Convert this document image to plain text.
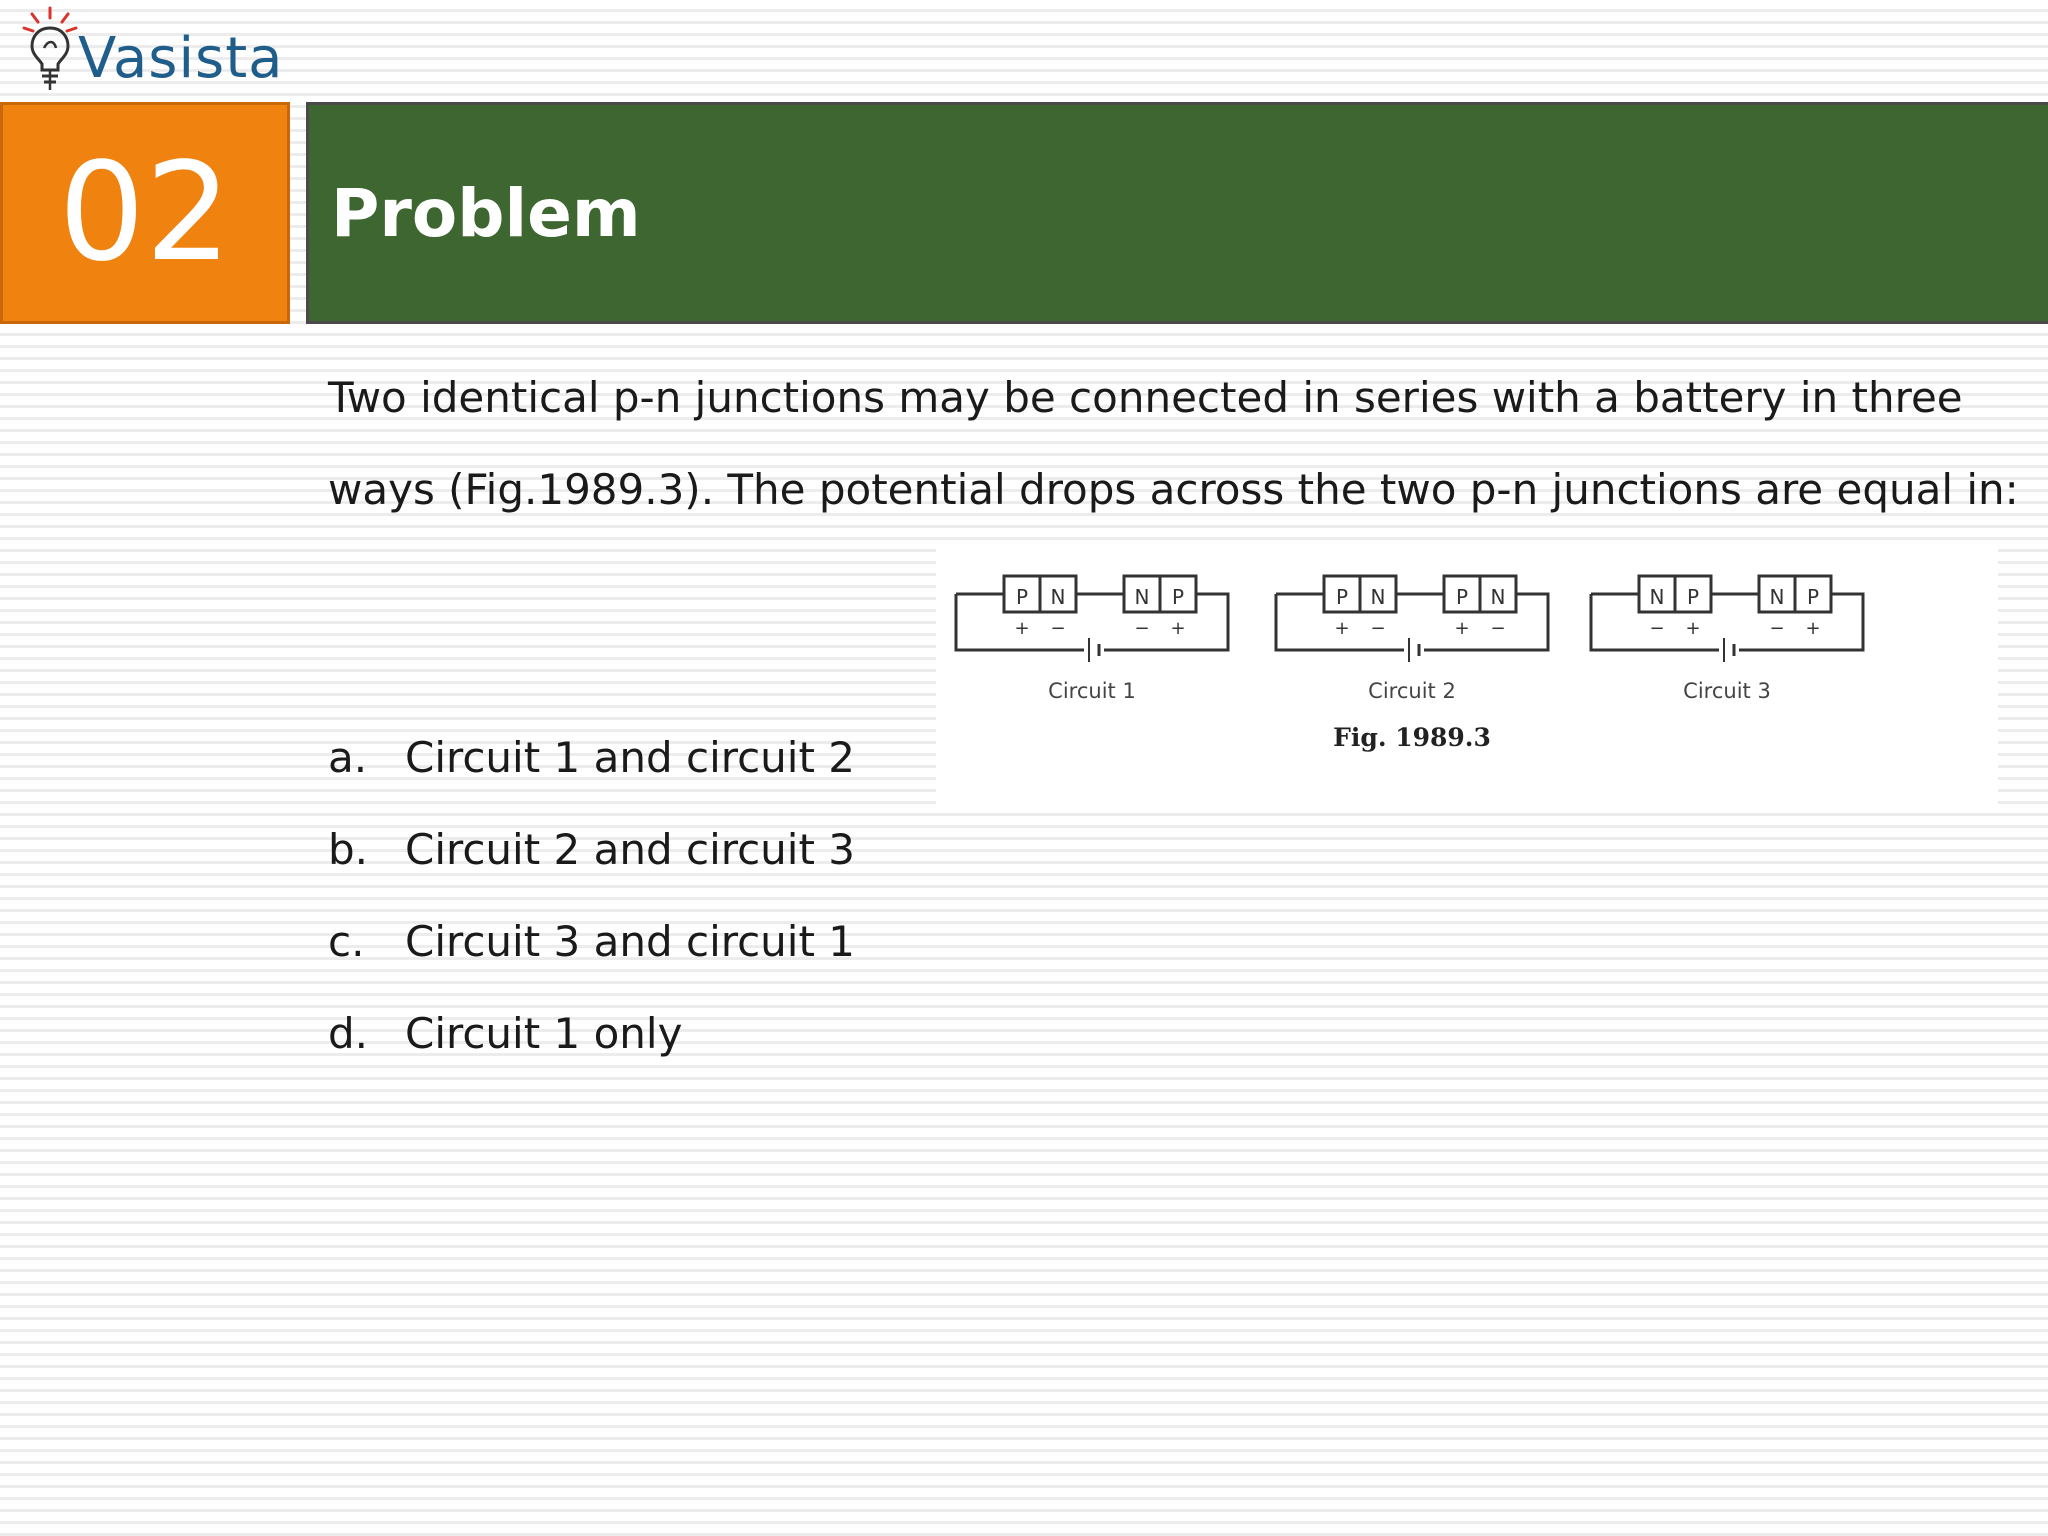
Vasista
02 Problem

Two identical p-n junctions may be connected in series with a battery in three ways (Fig.1989.3). The potential drops across the two p-n junctions are equal in:

Fig. 1989.3
P N
+ −
N P
− +
Circuit 1
P N
+ −
P N
+ −
Circuit 2
N P
− +
N P
− +
Circuit 3
a. Circuit 1 and circuit 2
b. Circuit 2 and circuit 3
c. Circuit 3 and circuit 1
d. Circuit 1 only
